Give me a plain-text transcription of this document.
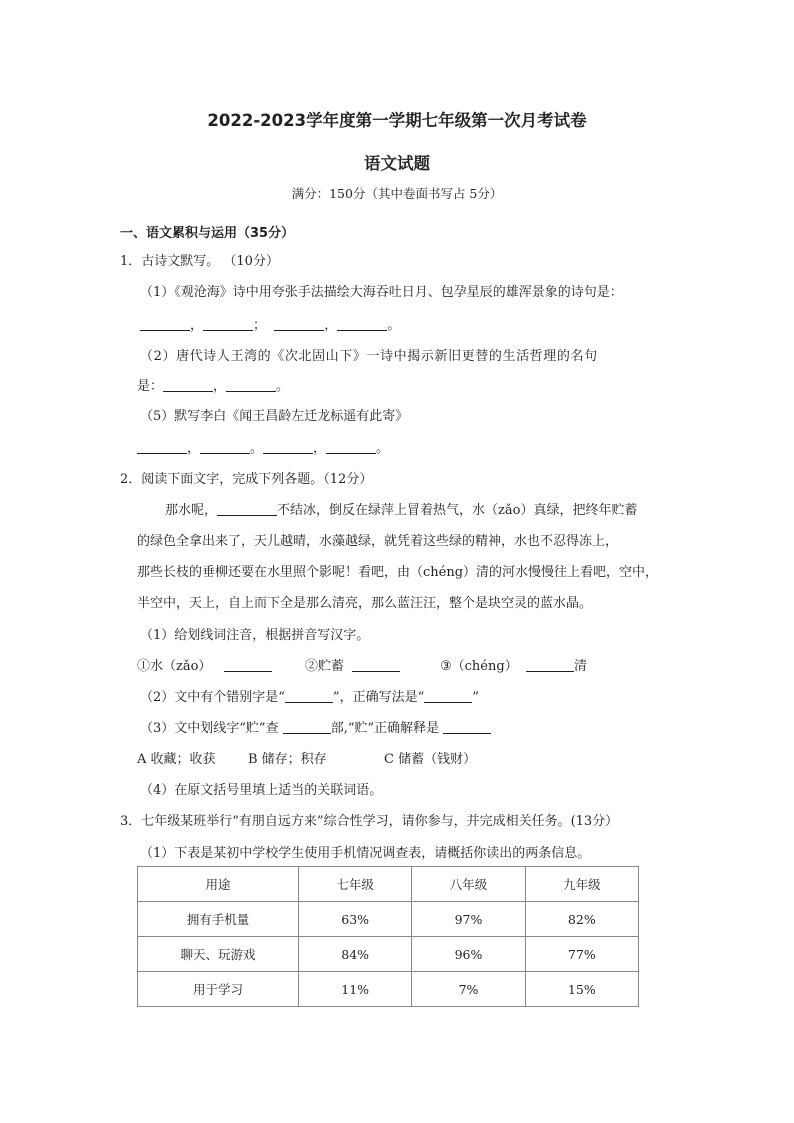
2022-2023学年度第一学期七年级第一次月考试卷
语文试题
满分：150分（其中卷面书写占 5分）
一、语文累积与运用（35分）
1．古诗文默写。 （10分）
（1）《观沧海》诗中用夸张手法描绘大海吞吐日月、包孕星辰的雄浑景象的诗句是：
，	；	，	。
（2）唐代诗人王湾的《次北固山下》一诗中揭示新旧更替的生活哲理的名句
是：	，	。
（5）默写李白《闻王昌龄左迁龙标遥有此寄》
，	。	，	。
2．阅读下面文字，完成下列各题。（12分）
那水呢，	不结冰，倒反在绿萍上冒着热气，水（zǎo）真绿，把终年贮蓄
的绿色全拿出来了，天儿越晴，水藻越绿，就凭着这些绿的精神，水也不忍得冻上，
那些长枝的垂柳还要在水里照个影呢！看吧，由（chéng）清的河水慢慢往上看吧，空中，
半空中，天上，自上而下全是那么清亮，那么蓝汪汪，整个是块空灵的蓝水晶。
（1）给划线词注音，根据拼音写汉字。
①水（zǎo）	②贮蓄	③（chéng）	清
（2）文中有个错别字是“	”，正确写法是“	”
（3）文中划线字“贮”查	部,“贮”正确解释是
A 收藏；收获 B 储存；积存	C 储蓄（钱财）
（4）在原文括号里填上适当的关联词语。
3．七年级某班举行“有朋自远方来”综合性学习，请你参与，并完成相关任务。(13分）
（1）下表是某初中学校学生使用手机情况调查表，请概括你读出的两条信息。
用途	七年级	八年级	九年级
拥有手机量	63%	97%	82%
聊天、玩游戏	84%	96%	77%
用于学习	11%	7%	15%
